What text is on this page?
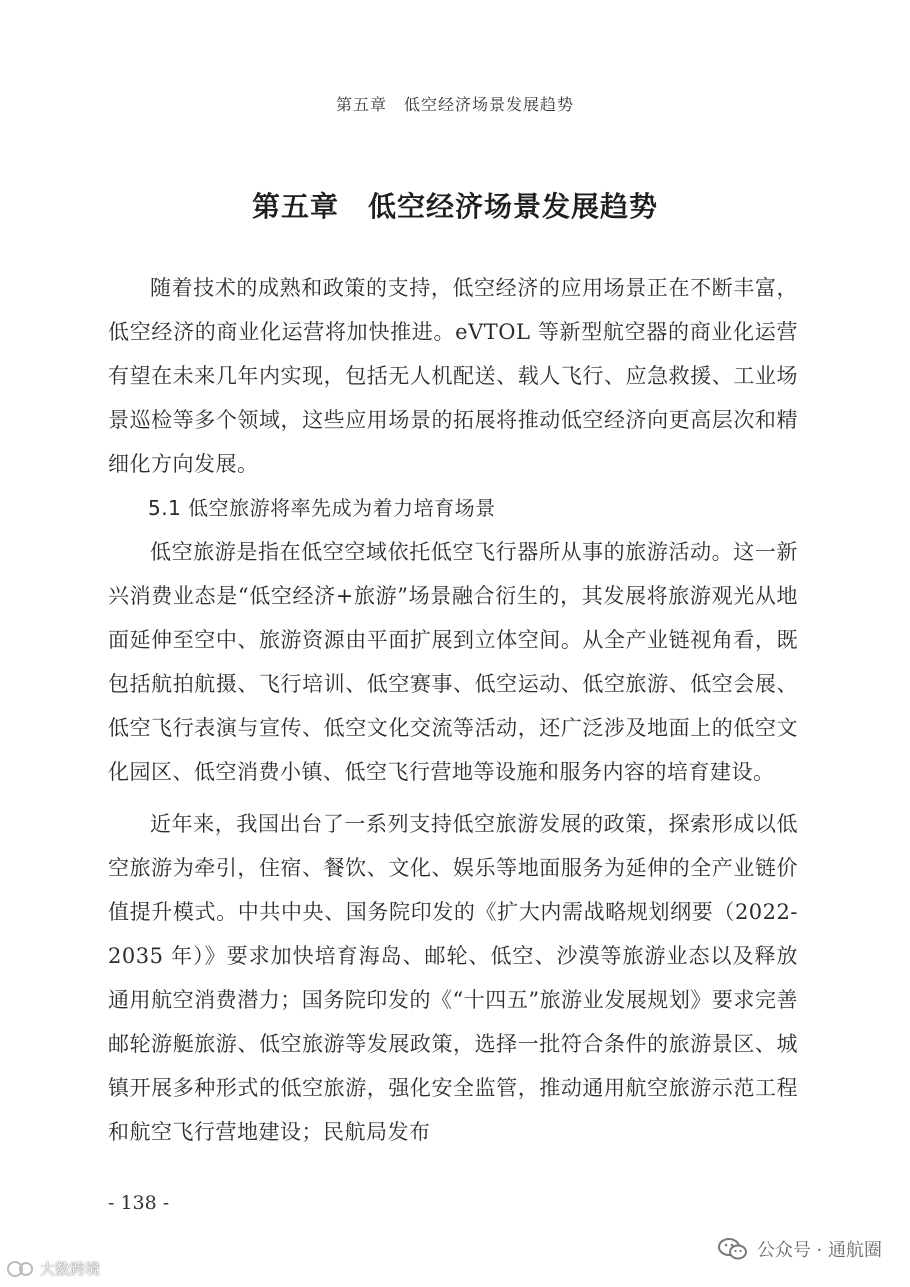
第五章　低空经济场景发展趋势
第五章　低空经济场景发展趋势

随着技术的成熟和政策的支持，低空经济的应用场景正在不断丰富，低空经济的商业化运营将加快推进。eVTOL 等新型航空器的商业化运营有望在未来几年内实现，包括无人机配送、载人飞行、应急救援、工业场景巡检等多个领域，这些应用场景的拓展将推动低空经济向更高层次和精细化方向发展。

5.1 低空旅游将率先成为着力培育场景

低空旅游是指在低空空域依托低空飞行器所从事的旅游活动。这一新兴消费业态是“低空经济+旅游”场景融合衍生的，其发展将旅游观光从地面延伸至空中、旅游资源由平面扩展到立体空间。从全产业链视角看，既包括航拍航摄、飞行培训、低空赛事、低空运动、低空旅游、低空会展、低空飞行表演与宣传、低空文化交流等活动，还广泛涉及地面上的低空文化园区、低空消费小镇、低空飞行营地等设施和服务内容的培育建设。

近年来，我国出台了一系列支持低空旅游发展的政策，探索形成以低空旅游为牵引，住宿、餐饮、文化、娱乐等地面服务为延伸的全产业链价值提升模式。中共中央、国务院印发的《扩大内需战略规划纲要（2022-2035 年）》要求加快培育海岛、邮轮、低空、沙漠等旅游业态以及释放通用航空消费潜力；国务院印发的《“十四五”旅游业发展规划》要求完善邮轮游艇旅游、低空旅游等发展政策，选择一批符合条件的旅游景区、城镇开展多种形式的低空旅游，强化安全监管，推动通用航空旅游示范工程和航空飞行营地建设；民航局发布

- 138 -
大数跨境
公众号 · 通航圈
